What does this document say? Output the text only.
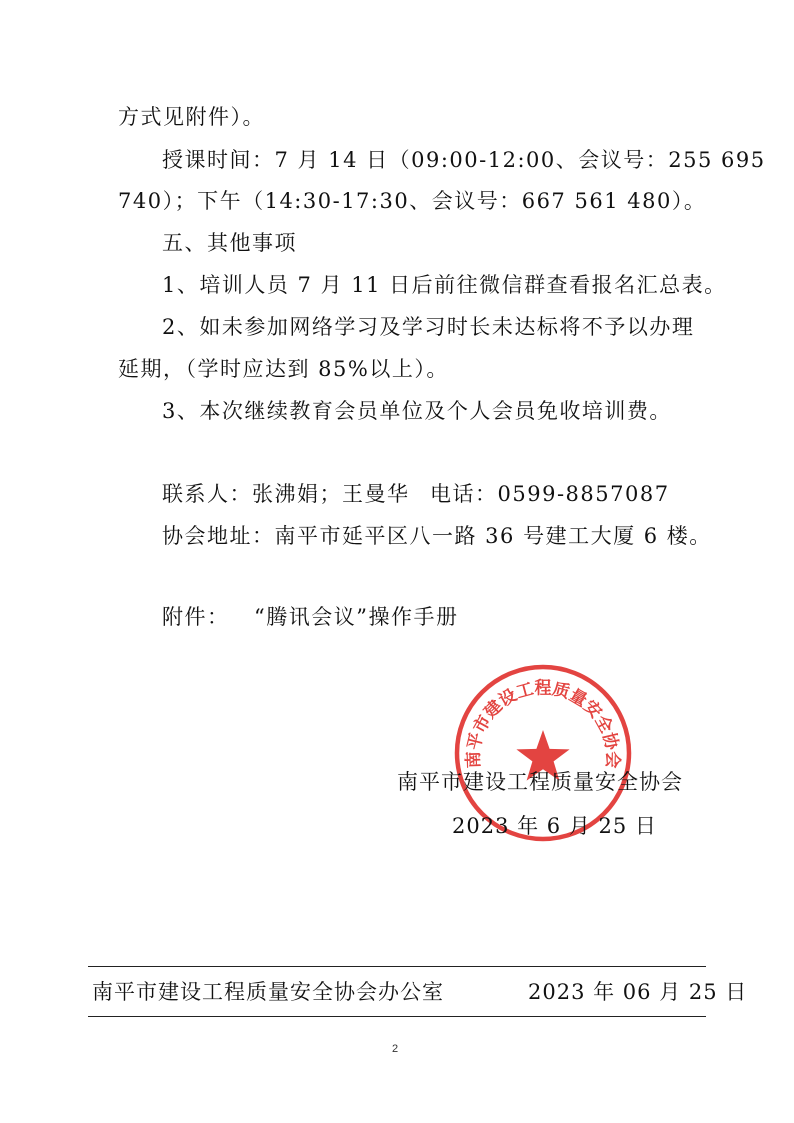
方式见附件）。
授课时间：7 月 14 日（09:00-12:00、会议号：255 695
740）；下午（14:30-17:30、会议号：667 561 480）。
五、其他事项
1、培训人员 7 月 11 日后前往微信群查看报名汇总表。
2、如未参加网络学习及学习时长未达标将不予以办理
延期，（学时应达到 85%以上）。
3、本次继续教育会员单位及个人会员免收培训费。
联系人：张沸娟；王曼华 电话：0599-8857087
协会地址：南平市延平区八一路 36 号建工大厦 6 楼。
附件： “腾讯会议”操作手册
南平市建设工程质量安全协会
南平市建设工程质量安全协会
2023 年 6 月 25 日
南平市建设工程质量安全协会办公室	2023 年 06 月 25 日
2
